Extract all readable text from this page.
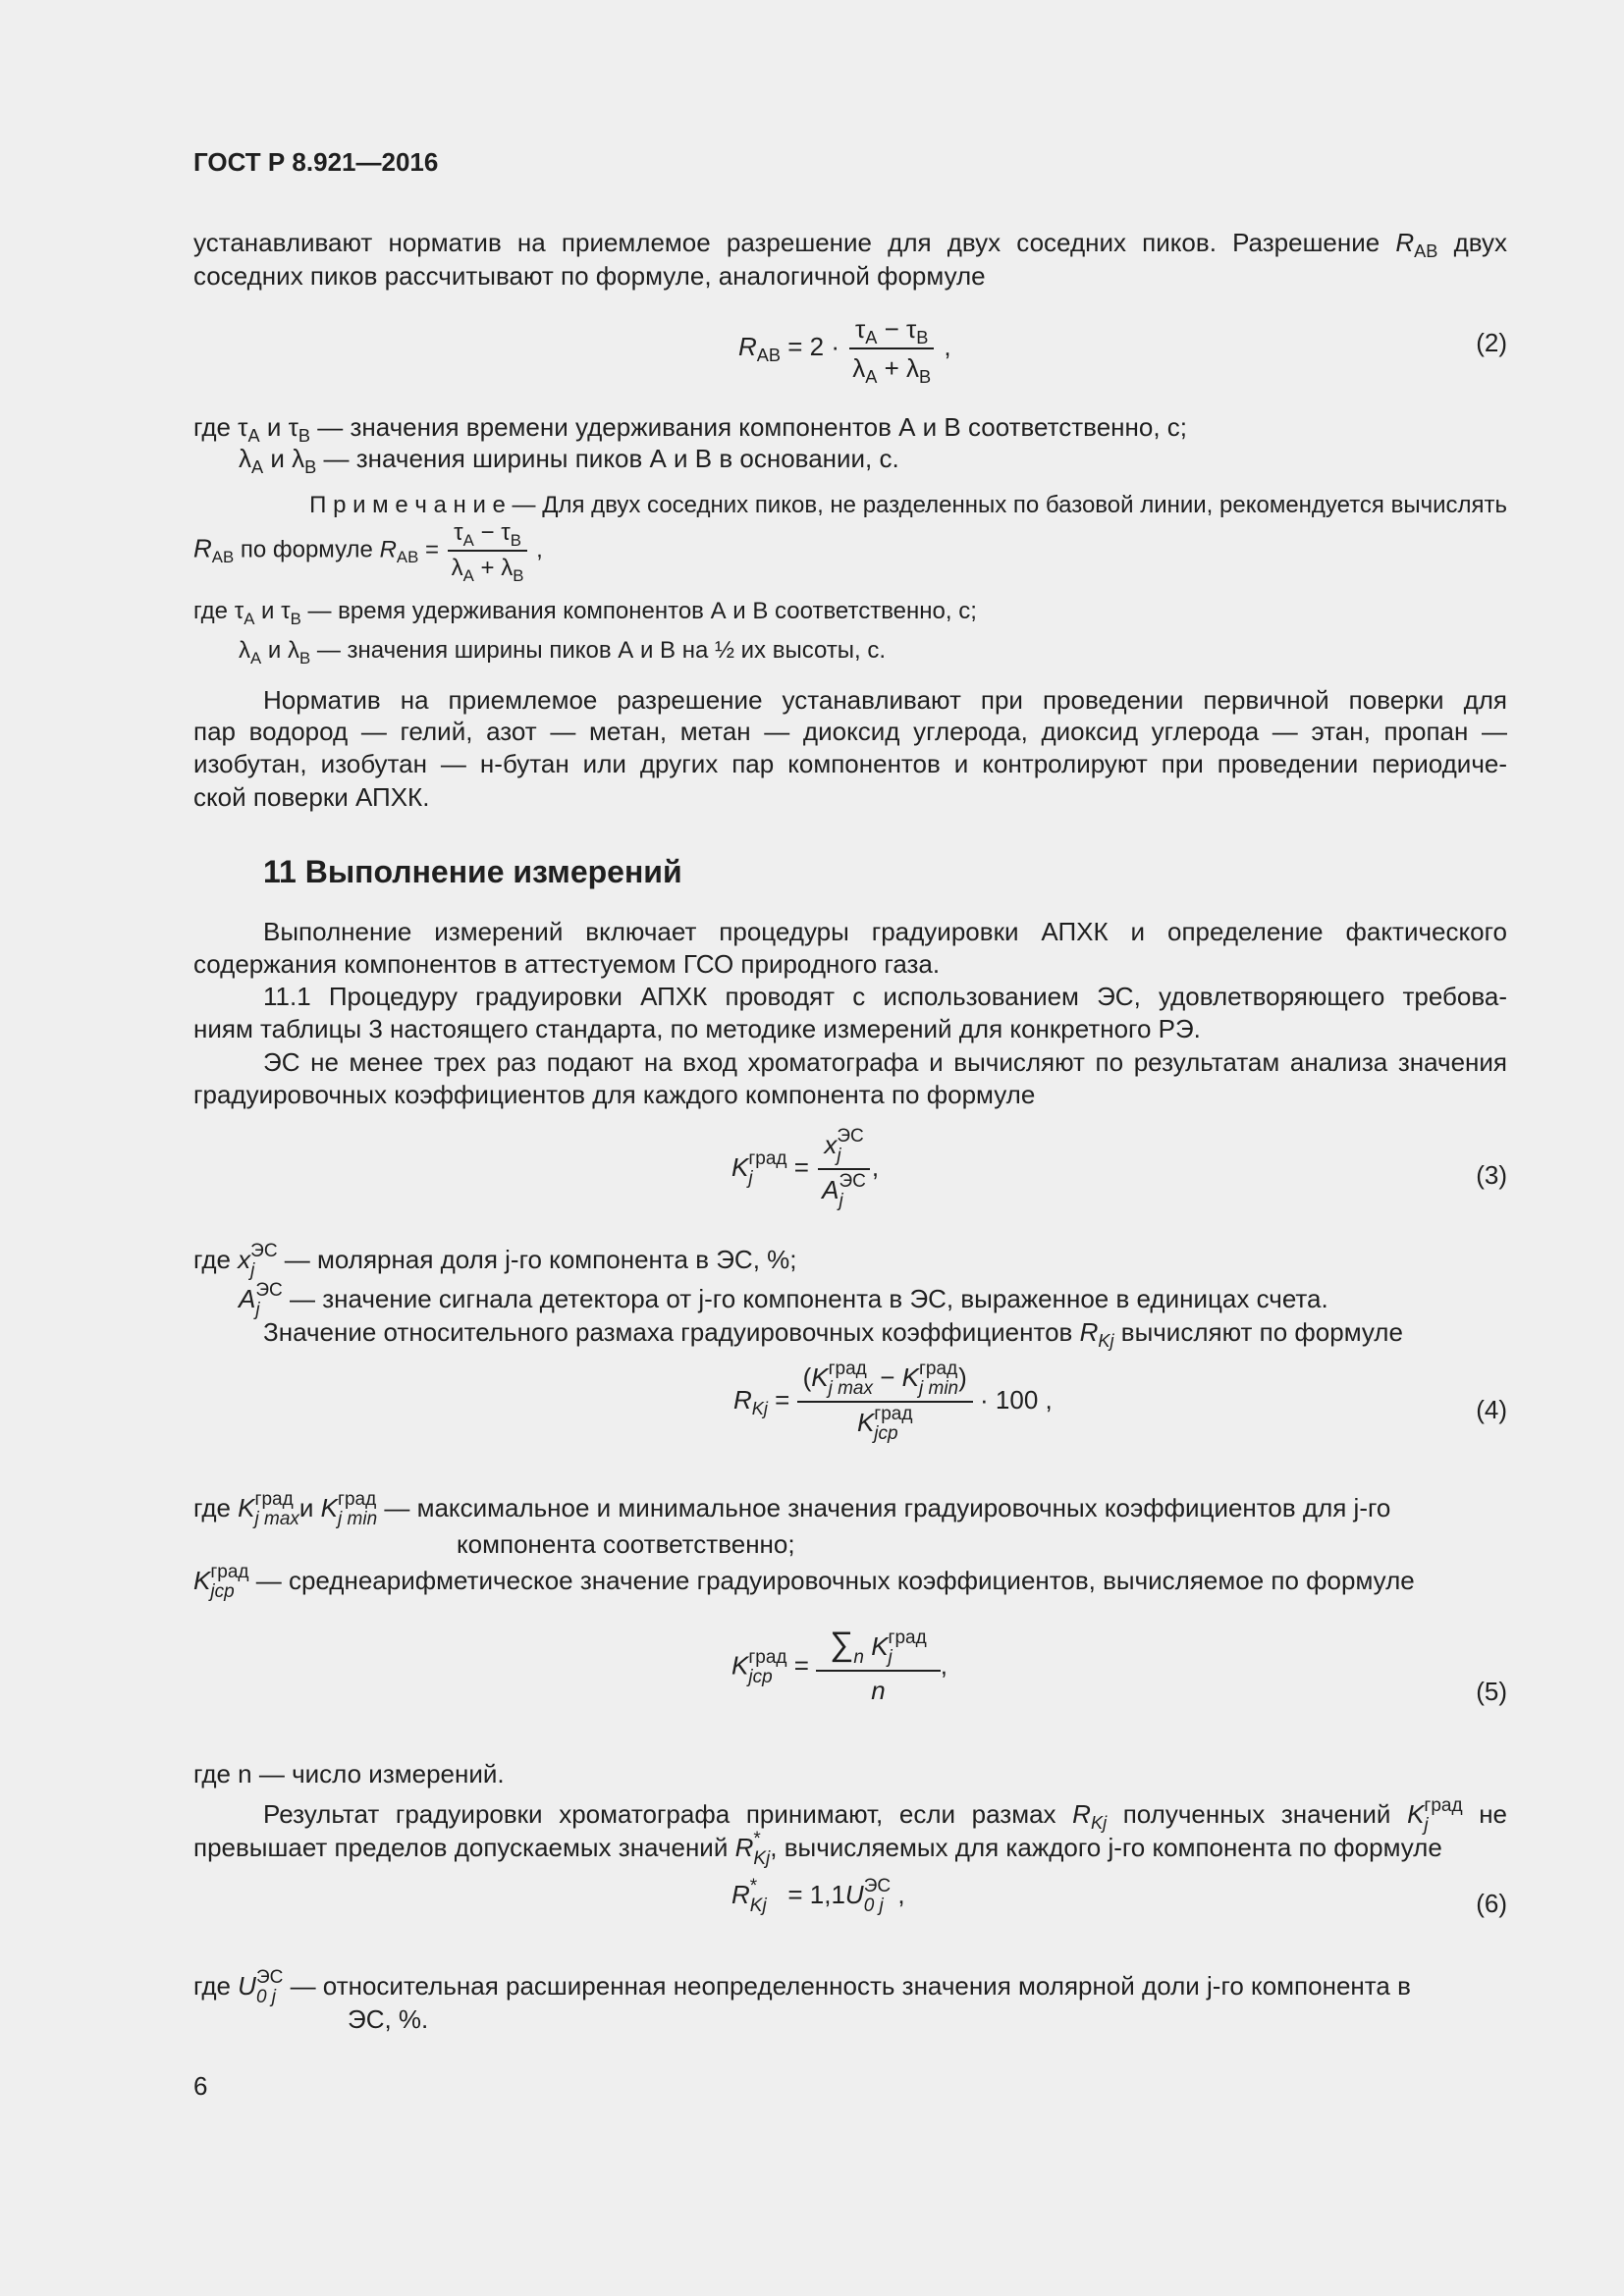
ГОСТ Р 8.921—2016
устанавливают норматив на приемлемое разрешение для двух соседних пиков. Разрешение $R_{AB}$ двух
соседних пиков рассчитывают по формуле, аналогичной формуле
$R_{AB} = 2 \cdot \frac{\tau_A - \tau_B}{\lambda_A + \lambda_B}$ ,	(2)
где $\tau_A$ и $\tau_B$ — значения времени удерживания компонентов А и В соответственно, с;
$\lambda_A$ и $\lambda_B$ — значения ширины пиков А и В в основании, с.
П р и м е ч а н и е — Для двух соседних пиков, не разделенных по базовой линии, рекомендуется вычислять
$R_{AB}$ по формуле $R_{AB} = \frac{\tau_A - \tau_B}{\lambda_A + \lambda_B}$ ,
где $\tau_A$ и $\tau_B$ — время удерживания компонентов А и В соответственно, с;
$\lambda_A$ и $\lambda_B$ — значения ширины пиков А и В на ½ их высоты, с.
Норматив на приемлемое разрешение устанавливают при проведении первичной поверки для
пар водород — гелий, азот — метан, метан — диоксид углерода, диоксид углерода — этан, пропан —
изобутан, изобутан — н-бутан или других пар компонентов и контролируют при проведении периодиче-
ской поверки АПХК.
11 Выполнение измерений
Выполнение измерений включает процедуры градуировки АПХК и определение фактического
содержания компонентов в аттестуемом ГСО природного газа.
11.1 Процедуру градуировки АПХК проводят с использованием ЭС, удовлетворяющего требова-
ниям таблицы 3 настоящего стандарта, по методике измерений для конкретного РЭ.
ЭС не менее трех раз подают на вход хроматографа и вычисляют по результатам анализа значения
градуировочных коэффициентов для каждого компонента по формуле
K град
j	= x ЭС
j
A ЭС
j ,	(3)
где x ЭС
j	— молярная доля j-го компонента в ЭС, %;
A ЭС
j	— значение сигнала детектора от j-го компонента в ЭС, выраженное в единицах счета.
Значение относительного размаха градуировочных коэффициентов $R_{Kj}$ вычисляют по формуле
$R_{Kj} = (K$ град
j max − K град
j min )
K град
jср · 100 ,	(4)
где K град
j max и K град
j min — максимальное и минимальное значения градуировочных коэффициентов для j-го
компонента соответственно;
K град
jср — среднеарифметическое значение градуировочных коэффициентов, вычисляемое по формуле
K град
jср = ∑
n K град
j
n ,
(5)
где n — число измерений.
Результат градуировки хроматографа принимают, если размах $R_{Kj}$ полученных значений K град
j	не
превышает пределов допускаемых значений R *
Kj , вычисляемых для каждого j-го компонента по формуле
R *
Kj = 1,1U ЭС
0 j ,	(6)
где U ЭС
0 j — относительная расширенная неопределенность значения молярной доли j-го компонента в
ЭС, %.
6
